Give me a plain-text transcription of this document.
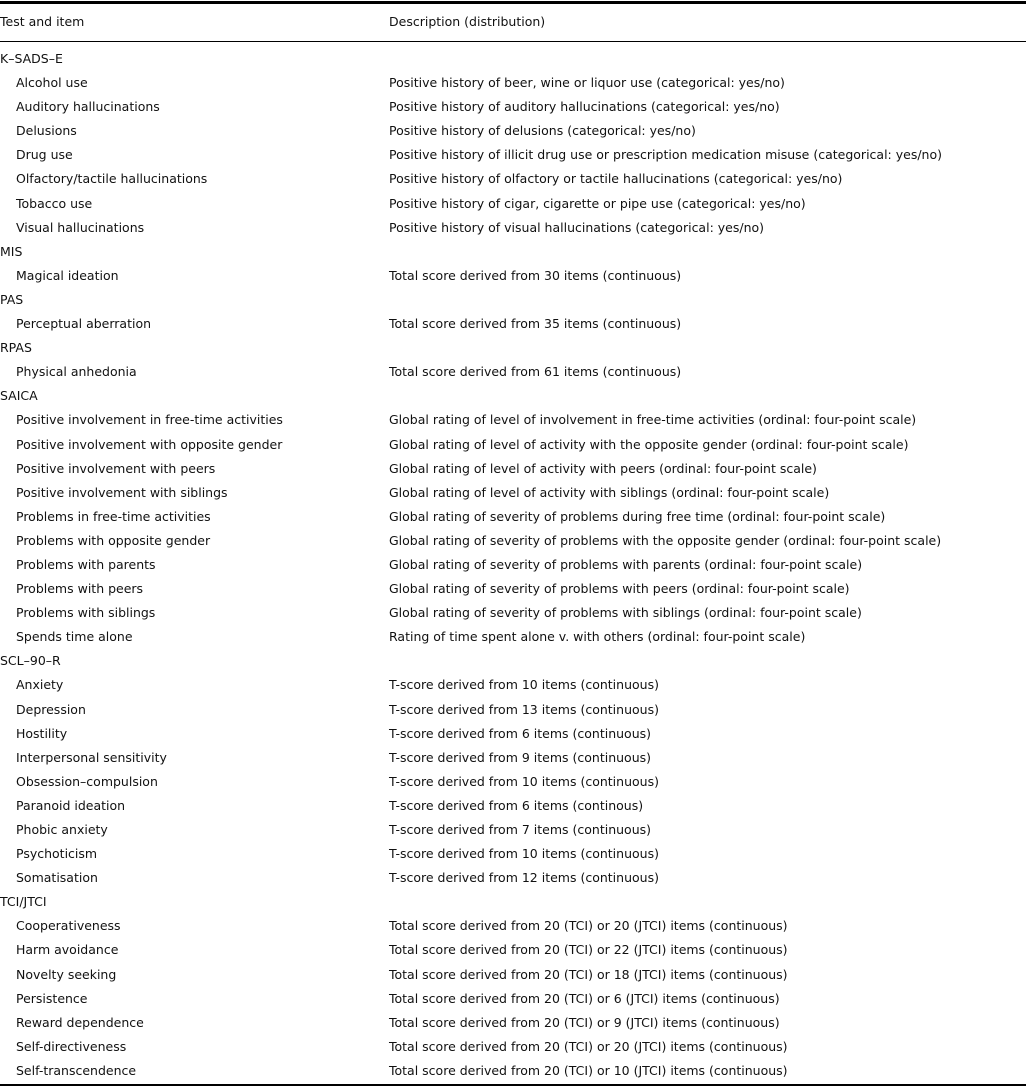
Test and item	Description (distribution)
K–SADS–E
Alcohol use	Positive history of beer, wine or liquor use (categorical: yes/no)
Auditory hallucinations	Positive history of auditory hallucinations (categorical: yes/no)
Delusions	Positive history of delusions (categorical: yes/no)
Drug use	Positive history of illicit drug use or prescription medication misuse (categorical: yes/no)
Olfactory/tactile hallucinations	Positive history of olfactory or tactile hallucinations (categorical: yes/no)
Tobacco use	Positive history of cigar, cigarette or pipe use (categorical: yes/no)
Visual hallucinations	Positive history of visual hallucinations (categorical: yes/no)
MIS
Magical ideation	Total score derived from 30 items (continuous)
PAS
Perceptual aberration	Total score derived from 35 items (continuous)
RPAS
Physical anhedonia	Total score derived from 61 items (continuous)
SAICA
Positive involvement in free-time activities	Global rating of level of involvement in free-time activities (ordinal: four-point scale)
Positive involvement with opposite gender	Global rating of level of activity with the opposite gender (ordinal: four-point scale)
Positive involvement with peers	Global rating of level of activity with peers (ordinal: four-point scale)
Positive involvement with siblings	Global rating of level of activity with siblings (ordinal: four-point scale)
Problems in free-time activities	Global rating of severity of problems during free time (ordinal: four-point scale)
Problems with opposite gender	Global rating of severity of problems with the opposite gender (ordinal: four-point scale)
Problems with parents	Global rating of severity of problems with parents (ordinal: four-point scale)
Problems with peers	Global rating of severity of problems with peers (ordinal: four-point scale)
Problems with siblings	Global rating of severity of problems with siblings (ordinal: four-point scale)
Spends time alone	Rating of time spent alone v. with others (ordinal: four-point scale)
SCL–90–R
Anxiety	T-score derived from 10 items (continuous)
Depression	T-score derived from 13 items (continuous)
Hostility	T-score derived from 6 items (continuous)
Interpersonal sensitivity	T-score derived from 9 items (continuous)
Obsession–compulsion	T-score derived from 10 items (continuous)
Paranoid ideation	T-score derived from 6 items (continous)
Phobic anxiety	T-score derived from 7 items (continuous)
Psychoticism	T-score derived from 10 items (continuous)
Somatisation	T-score derived from 12 items (continuous)
TCI/JTCI
Cooperativeness	Total score derived from 20 (TCI) or 20 (JTCI) items (continuous)
Harm avoidance	Total score derived from 20 (TCI) or 22 (JTCI) items (continuous)
Novelty seeking	Total score derived from 20 (TCI) or 18 (JTCI) items (continuous)
Persistence	Total score derived from 20 (TCI) or 6 (JTCI) items (continuous)
Reward dependence	Total score derived from 20 (TCI) or 9 (JTCI) items (continuous)
Self-directiveness	Total score derived from 20 (TCI) or 20 (JTCI) items (continuous)
Self-transcendence	Total score derived from 20 (TCI) or 10 (JTCI) items (continuous)
